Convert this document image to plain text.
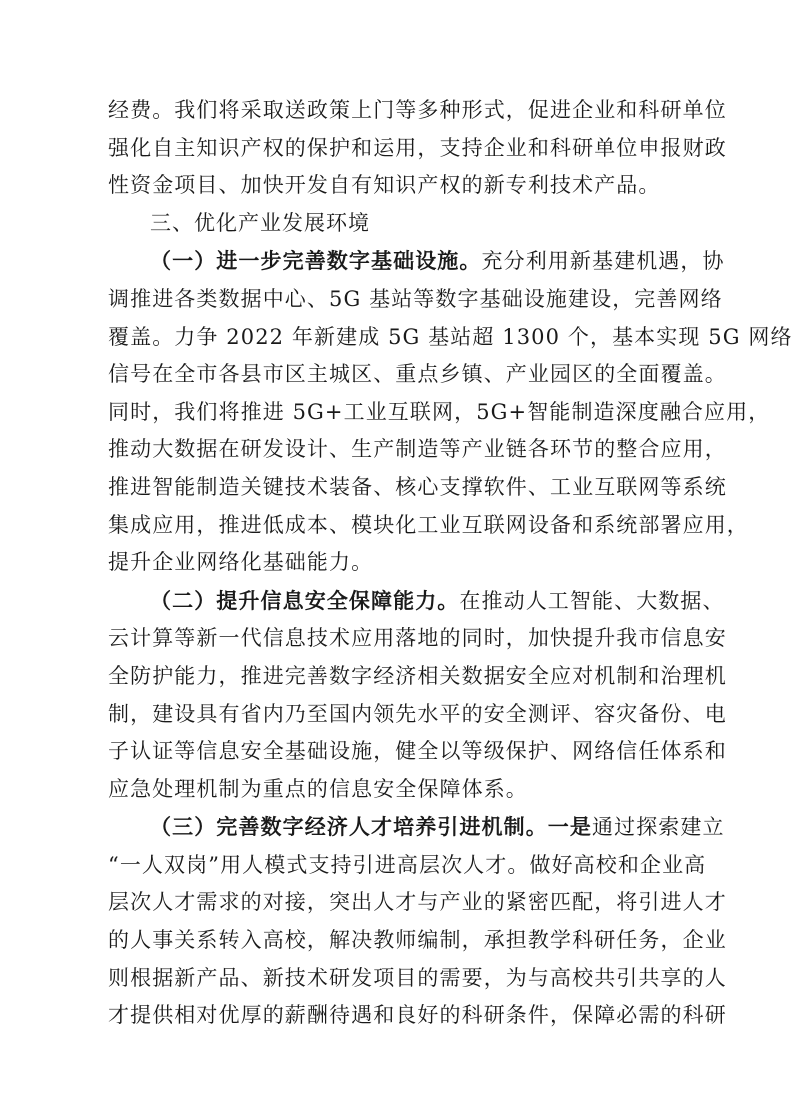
经费。我们将采取送政策上门等多种形式，促进企业和科研单位
强化自主知识产权的保护和运用，支持企业和科研单位申报财政
性资金项目、加快开发自有知识产权的新专利技术产品。
三、优化产业发展环境
（一）进一步完善数字基础设施。充分利用新基建机遇，协
调推进各类数据中心、5G 基站等数字基础设施建设，完善网络
覆盖。力争 2022 年新建成 5G 基站超 1300 个，基本实现 5G 网络
信号在全市各县市区主城区、重点乡镇、产业园区的全面覆盖。
同时，我们将推进 5G+工业互联网，5G+智能制造深度融合应用，
推动大数据在研发设计、生产制造等产业链各环节的整合应用，
推进智能制造关键技术装备、核心支撑软件、工业互联网等系统
集成应用，推进低成本、模块化工业互联网设备和系统部署应用，
提升企业网络化基础能力。
（二）提升信息安全保障能力。在推动人工智能、大数据、
云计算等新一代信息技术应用落地的同时，加快提升我市信息安
全防护能力，推进完善数字经济相关数据安全应对机制和治理机
制，建设具有省内乃至国内领先水平的安全测评、容灾备份、电
子认证等信息安全基础设施，健全以等级保护、网络信任体系和
应急处理机制为重点的信息安全保障体系。
（三）完善数字经济人才培养引进机制。一是通过探索建立
“一人双岗”用人模式支持引进高层次人才。做好高校和企业高
层次人才需求的对接，突出人才与产业的紧密匹配，将引进人才
的人事关系转入高校，解决教师编制，承担教学科研任务，企业
则根据新产品、新技术研发项目的需要，为与高校共引共享的人
才提供相对优厚的薪酬待遇和良好的科研条件，保障必需的科研
